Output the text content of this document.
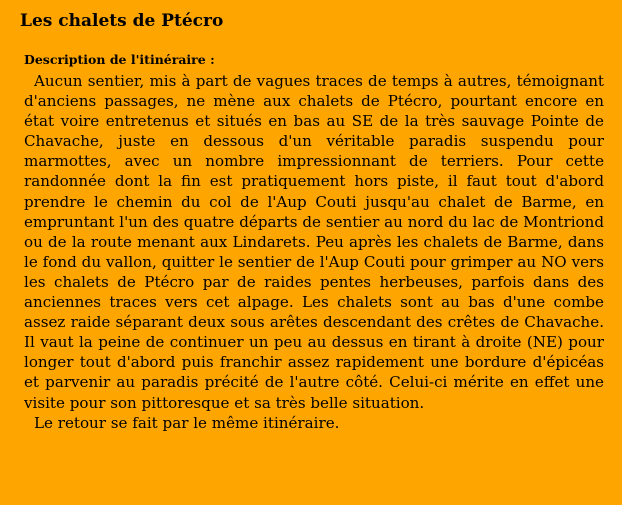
Les chalets de Ptécro
Description de l'itinéraire :

Aucun sentier, mis à part de vagues traces de temps à autres, témoignant d'anciens passages, ne mène aux chalets de Ptécro, pourtant encore en état voire entretenus et situés en bas au SE de la très sauvage Pointe de Chavache, juste en dessous d'un véritable paradis suspendu pour marmottes, avec un nombre impressionnant de terriers. Pour cette randonnée dont la fin est pratiquement hors piste, il faut tout d'abord prendre le chemin du col de l'Aup Couti jusqu'au chalet de Barme, en empruntant l'un des quatre départs de sentier au nord du lac de Montriond ou de la route menant aux Lindarets. Peu après les chalets de Barme, dans le fond du vallon, quitter le sentier de l'Aup Couti pour grimper au NO vers les chalets de Ptécro par de raides pentes herbeuses, parfois dans des anciennes traces vers cet alpage. Les chalets sont au bas d'une combe assez raide séparant deux sous arêtes descendant des crêtes de Chavache. Il vaut la peine de continuer un peu au dessus en tirant à droite (NE) pour longer tout d'abord puis franchir assez rapidement une bordure d'épicéas et parvenir au paradis précité de l'autre côté. Celui-ci mérite en effet une visite pour son pittoresque et sa très belle situation.

Le retour se fait par le même itinéraire.
